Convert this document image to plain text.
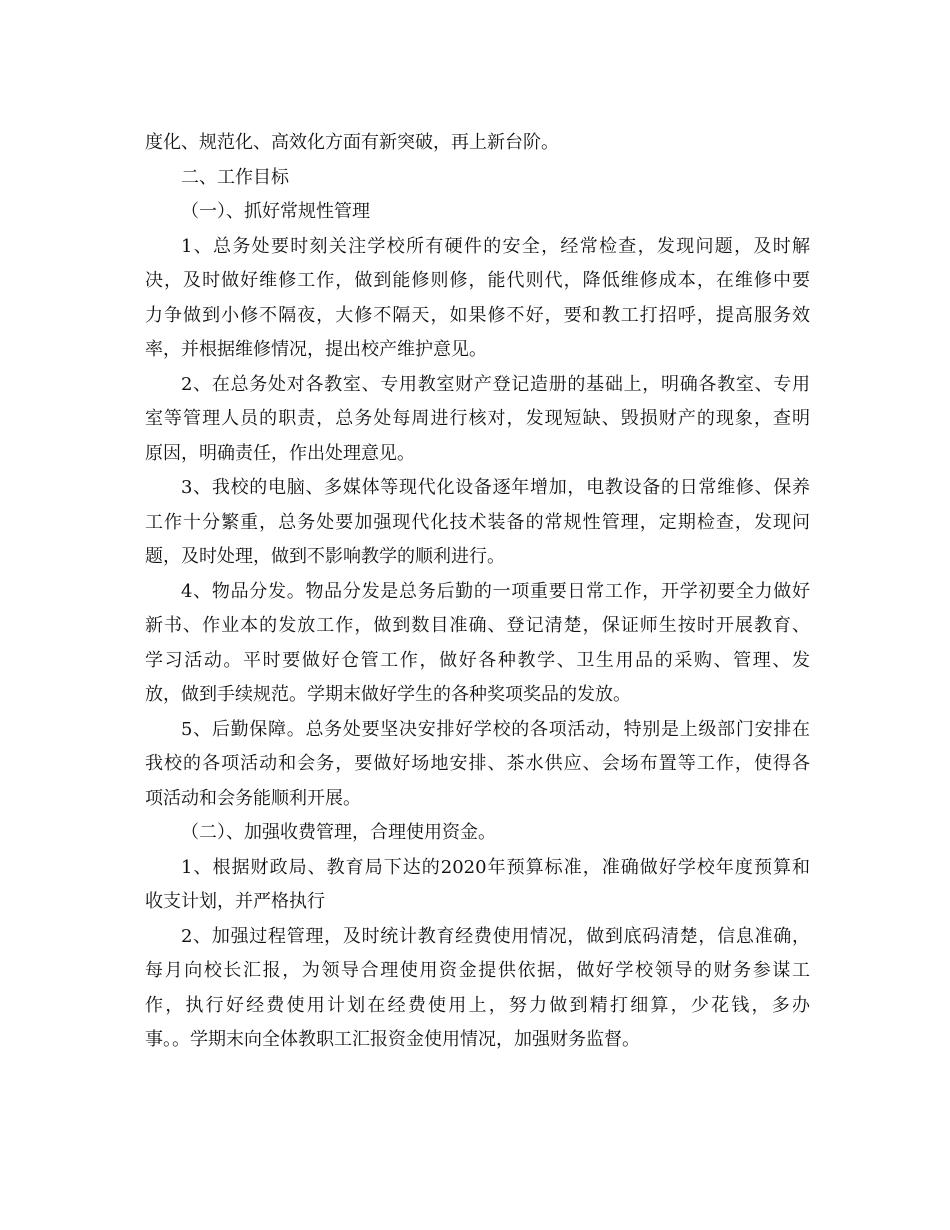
度化、规范化、高效化方面有新突破，再上新台阶。
二、工作目标
（一）、抓好常规性管理
1、总务处要时刻关注学校所有硬件的安全，经常检查，发现问题，及时解
决，及时做好维修工作，做到能修则修，能代则代，降低维修成本，在维修中要
力争做到小修不隔夜，大修不隔天，如果修不好，要和教工打招呼，提高服务效
率，并根据维修情况，提出校产维护意见。
2、在总务处对各教室、专用教室财产登记造册的基础上，明确各教室、专用
室等管理人员的职责，总务处每周进行核对，发现短缺、毁损财产的现象，查明
原因，明确责任，作出处理意见。
3、我校的电脑、多媒体等现代化设备逐年增加，电教设备的日常维修、保养
工作十分繁重，总务处要加强现代化技术装备的常规性管理，定期检查，发现问
题，及时处理，做到不影响教学的顺利进行。
4、物品分发。物品分发是总务后勤的一项重要日常工作，开学初要全力做好
新书、作业本的发放工作，做到数目准确、登记清楚，保证师生按时开展教育、
学习活动。平时要做好仓管工作，做好各种教学、卫生用品的采购、管理、发
放，做到手续规范。学期末做好学生的各种奖项奖品的发放。
5、后勤保障。总务处要坚决安排好学校的各项活动，特别是上级部门安排在
我校的各项活动和会务，要做好场地安排、茶水供应、会场布置等工作，使得各
项活动和会务能顺利开展。
（二）、加强收费管理，合理使用资金。
1、根据财政局、教育局下达的2020年预算标准，准确做好学校年度预算和
收支计划，并严格执行
2、加强过程管理，及时统计教育经费使用情况，做到底码清楚，信息准确，
每月向校长汇报，为领导合理使用资金提供依据，做好学校领导的财务参谋工
作，执行好经费使用计划在经费使用上，努力做到精打细算，少花钱，多办
事。。学期末向全体教职工汇报资金使用情况，加强财务监督。
